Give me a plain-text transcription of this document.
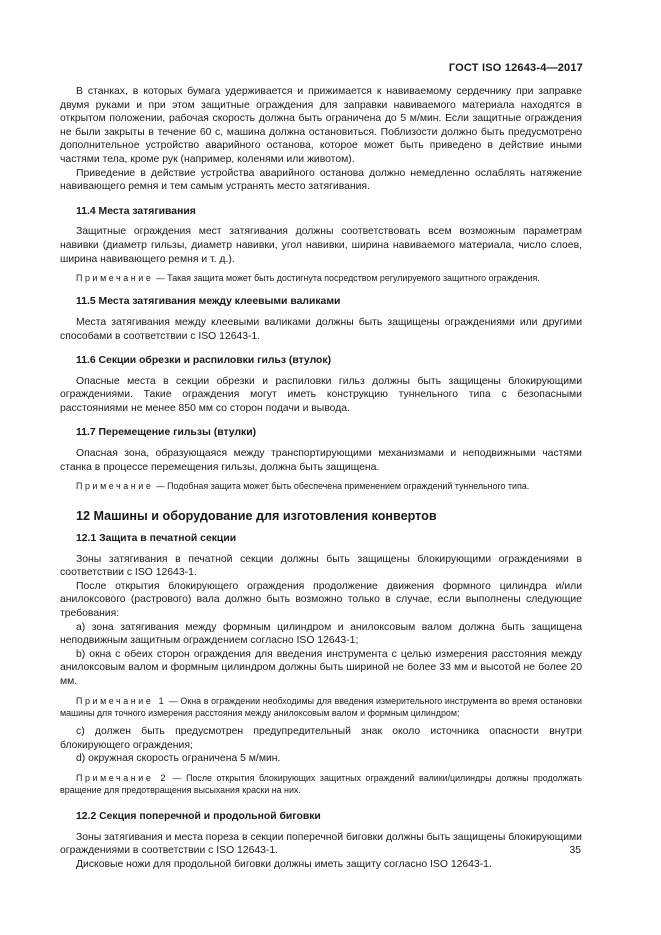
ГОСТ ISO 12643-4—2017

В станках, в которых бумага удерживается и прижимается к навиваемому сердечнику при заправке двумя руками и при этом защитные ограждения для заправки навиваемого материала находятся в открытом положении, рабочая скорость должна быть ограничена до 5 м/мин. Если защитные ограждения не были закрыты в течение 60 с, машина должна остановиться. Поблизости должно быть предусмотрено дополнительное устройство аварийного останова, которое может быть приведено в действие иными частями тела, кроме рук (например, коленями или животом).

Приведение в действие устройства аварийного останова должно немедленно ослаблять натяжение навивающего ремня и тем самым устранять место затягивания.

11.4 Места затягивания

Защитные ограждения мест затягивания должны соответствовать всем возможным параметрам навивки (диаметр гильзы, диаметр навивки, угол навивки, ширина навиваемого материала, число слоев, ширина навивающего ремня и т. д.).

Примечание — Такая защита может быть достигнута посредством регулируемого защитного ограждения.

11.5 Места затягивания между клеевыми валиками

Места затягивания между клеевыми валиками должны быть защищены ограждениями или другими способами в соответствии с ISO 12643-1.

11.6 Секции обрезки и распиловки гильз (втулок)

Опасные места в секции обрезки и распиловки гильз должны быть защищены блокирующими ограждениями. Такие ограждения могут иметь конструкцию туннельного типа с безопасными расстояниями не менее 850 мм со сторон подачи и вывода.

11.7 Перемещение гильзы (втулки)

Опасная зона, образующаяся между транспортирующими механизмами и неподвижными частями станка в процессе перемещения гильзы, должна быть защищена.

Примечание — Подобная защита может быть обеспечена применением ограждений туннельного типа.

12 Машины и оборудование для изготовления конвертов
12.1 Защита в печатной секции

Зоны затягивания в печатной секции должны быть защищены блокирующими ограждениями в соответствии с ISO 12643-1.

После открытия блокирующего ограждения продолжение движения формного цилиндра и/или анилоксового (растрового) вала должно быть возможно только в случае, если выполнены следующие требования:

а) зона затягивания между формным цилиндром и анилоксовым валом должна быть защищена неподвижным защитным ограждением согласно ISO 12643-1;

b) окна с обеих сторон ограждения для введения инструмента с целью измерения расстояния между анилоксовым валом и формным цилиндром должны быть шириной не более 33 мм и высотой не более 20 мм.

Примечание 1 — Окна в ограждении необходимы для введения измерительного инструмента во время остановки машины для точного измерения расстояния между анилоксовым валом и формным цилиндром;

c) должен быть предусмотрен предупредительный знак около источника опасности внутри блокирующего ограждения;

d) окружная скорость ограничена 5 м/мин.

Примечание 2 — После открытия блокирующих защитных ограждений валики/цилиндры должны продолжать вращение для предотвращения высыхания краски на них.

12.2 Секция поперечной и продольной биговки

Зоны затягивания и места пореза в секции поперечной биговки должны быть защищены блокирующими ограждениями в соответствии с ISO 12643-1.

Дисковые ножи для продольной биговки должны иметь защиту согласно ISO 12643-1.

35
